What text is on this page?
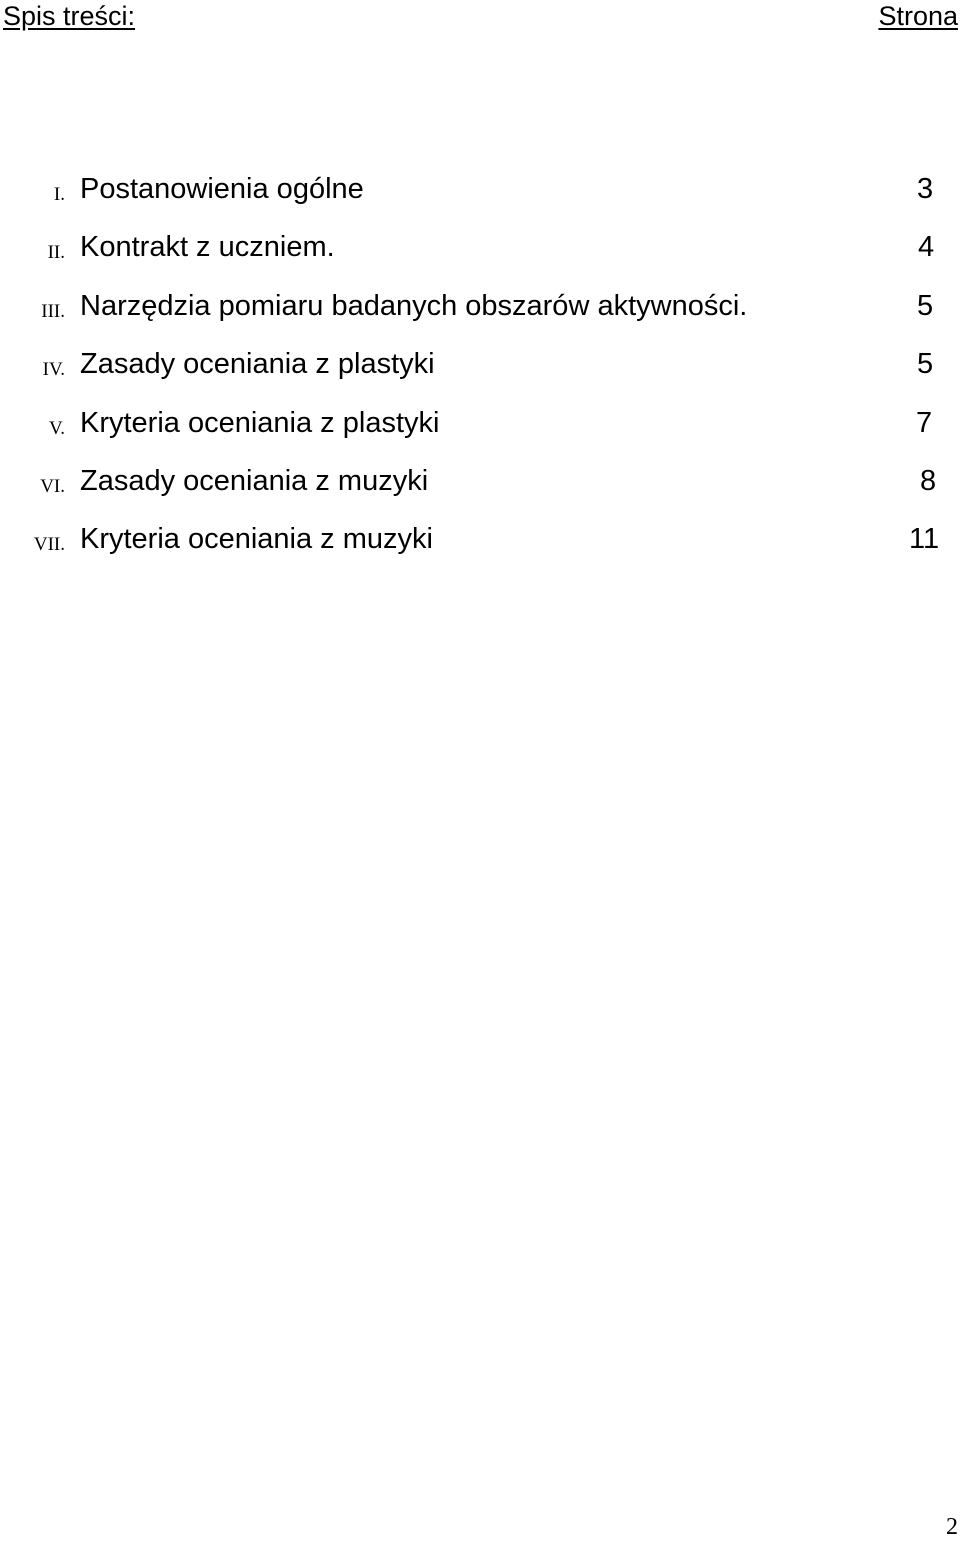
Spis treści:	Strona
I. Postanowienia ogólne	3
II. Kontrakt z uczniem.	4
III. Narzędzia pomiaru badanych obszarów aktywności.	5
IV. Zasady oceniania z plastyki	5
V. Kryteria oceniania z plastyki	7
VI. Zasady oceniania z muzyki	8
VII. Kryteria oceniania z muzyki	11
2
